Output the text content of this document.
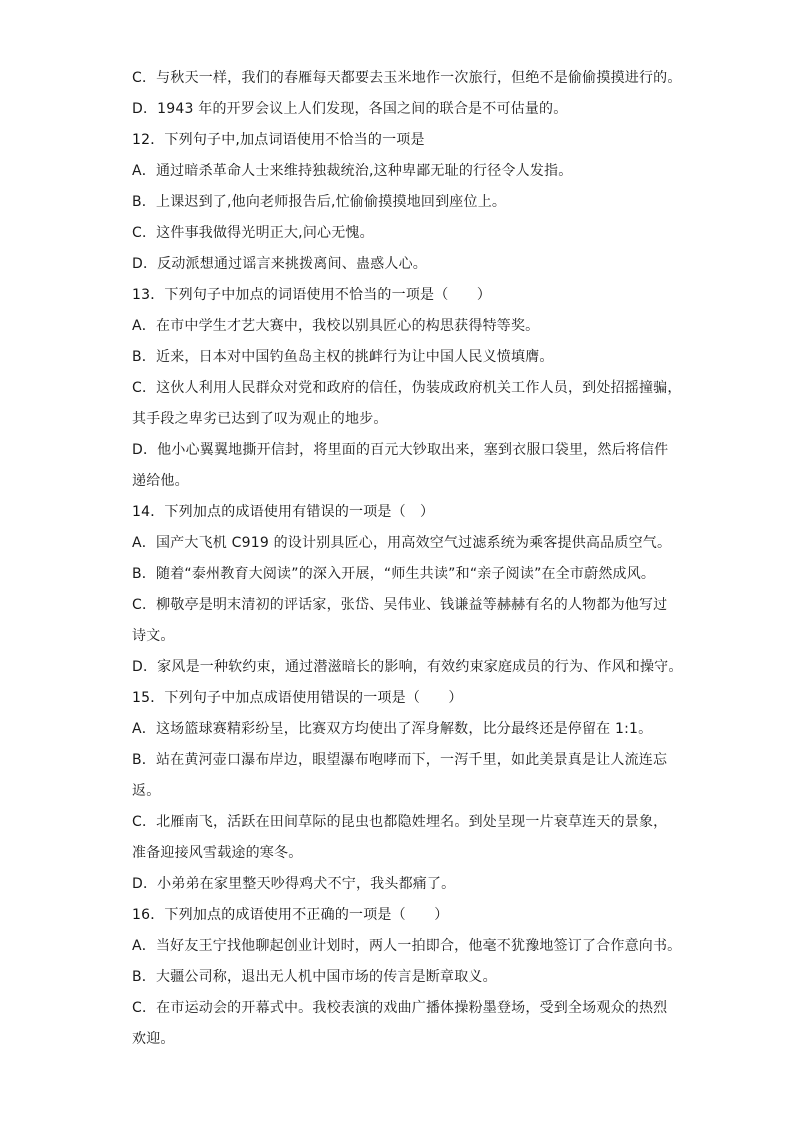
C．与秋天一样，我们的春雁每天都要去玉米地作一次旅行，但绝不是偷偷摸摸进行的。
D．1943 年的开罗会议上人们发现，各国之间的联合是不可估量的。
12．下列句子中,加点词语使用不恰当的一项是
A．通过暗杀革命人士来维持独裁统治,这种卑鄙无耻的行径令人发指。
B．上课迟到了,他向老师报告后,忙偷偷摸摸地回到座位上。
C．这件事我做得光明正大,问心无愧。
D．反动派想通过谣言来挑拨离间、蛊惑人心。
13．下列句子中加点的词语使用不恰当的一项是（　　）
A．在市中学生才艺大赛中，我校以别具匠心的构思获得特等奖。
B．近来，日本对中国钓鱼岛主权的挑衅行为让中国人民义愤填膺。
C．这伙人利用人民群众对党和政府的信任，伪装成政府机关工作人员，到处招摇撞骗，
其手段之卑劣已达到了叹为观止的地步。
D．他小心翼翼地撕开信封，将里面的百元大钞取出来，塞到衣服口袋里，然后将信件
递给他。
14．下列加点的成语使用有错误的一项是（　）
A．国产大飞机 C919 的设计别具匠心，用高效空气过滤系统为乘客提供高品质空气。
B．随着“泰州教育大阅读”的深入开展，“师生共读”和“亲子阅读”在全市蔚然成风。
C．柳敬亭是明末清初的评话家，张岱、吴伟业、钱谦益等赫赫有名的人物都为他写过
诗文。
D．家风是一种软约束，通过潜滋暗长的影响，有效约束家庭成员的行为、作风和操守。
15．下列句子中加点成语使用错误的一项是（　　）
A．这场篮球赛精彩纷呈，比赛双方均使出了浑身解数，比分最终还是停留在 1:1。
B．站在黄河壶口瀑布岸边，眼望瀑布咆哮而下，一泻千里，如此美景真是让人流连忘
返。
C．北雁南飞，活跃在田间草际的昆虫也都隐姓埋名。到处呈现一片衰草连天的景象，
准备迎接风雪载途的寒冬。
D．小弟弟在家里整天吵得鸡犬不宁，我头都痛了。
16．下列加点的成语使用不正确的一项是（　　）
A．当好友王宁找他聊起创业计划时，两人一拍即合，他毫不犹豫地签订了合作意向书。
B．大疆公司称，退出无人机中国市场的传言是断章取义。
C．在市运动会的开幕式中。我校表演的戏曲广播体操粉墨登场，受到全场观众的热烈
欢迎。
